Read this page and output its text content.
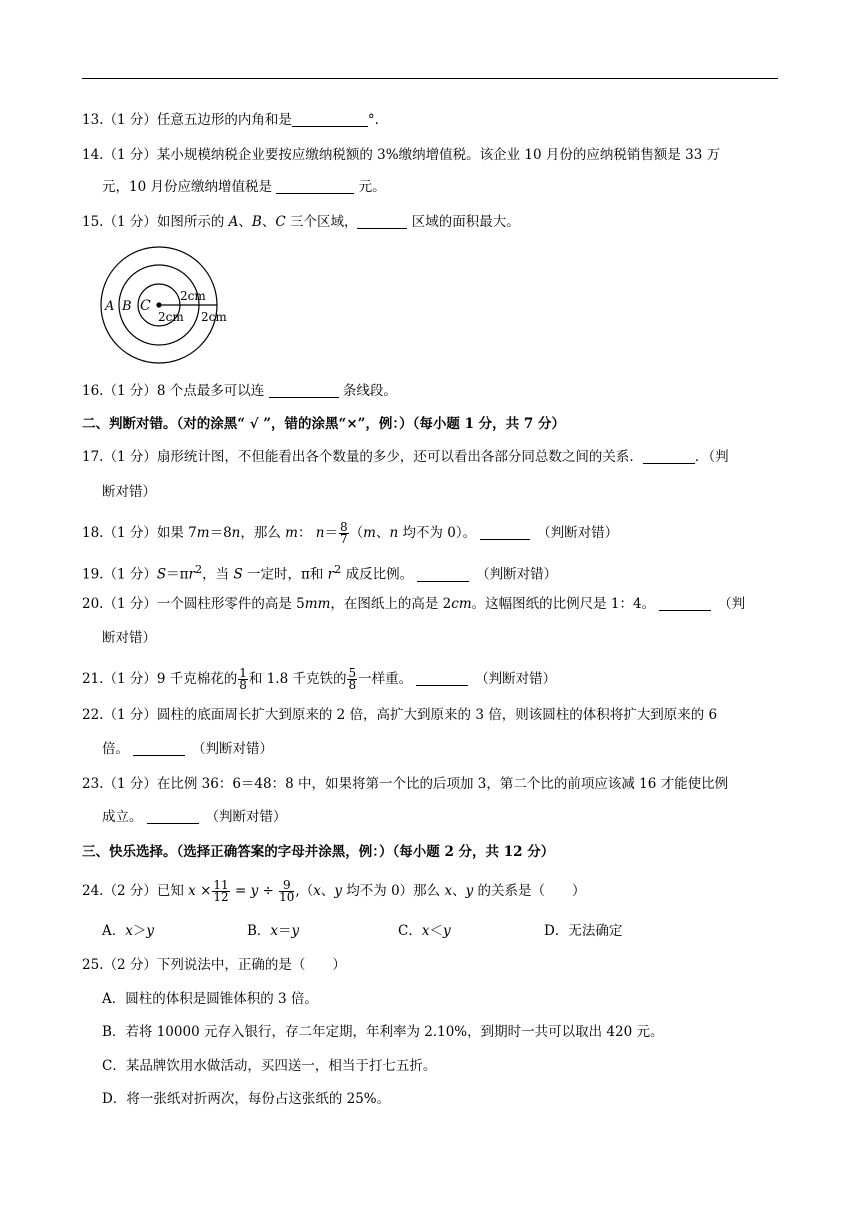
13.（1 分）任意五边形的内角和是	°.
14.（1 分）某小规模纳税企业要按应缴纳税额的 3%缴纳增值税。该企业 10 月份的应纳税销售额是 33 万
元，10 月份应缴纳增值税是	元。
15.（1 分）如图所示的 A、B、C 三个区域，	区域的面积最大。
A B C
2cm
2cm 2cm
16.（1 分）8 个点最多可以连	条线段。
二、判断对错。（对的涂黑“ √ ”，错的涂黑“×”，例：）（每小题 1 分，共 7 分）
17.（1 分）扇形统计图，不但能看出各个数量的多少，还可以看出各部分同总数之间的关系．	．（判
断对错）
18.（1 分）如果 7m＝8n，那么 m： $n= \frac{8}{7} (m$、n 均不为 0）。 　	（判断对错）
19.（1 分）$S=\pi r^2$，当 S 一定时，π和 $r^2$ 成反比例。 　	（判断对错）
20.（1 分）一个圆柱形零件的高是 5mm，在图纸上的高是 2cm。这幅图纸的比例尺是 1：4。 　	（判
断对错）
21.（1 分）9 千克棉花的 $\frac{1}{8}$ 和 1.8 千克铁的 $\frac{5}{8}$ 一样重。 　	（判断对错）
22.（1 分）圆柱的底面周长扩大到原来的 2 倍，高扩大到原来的 3 倍，则该圆柱的体积将扩大到原来的 6
倍。 　	（判断对错）
23.（1 分）在比例 36：6＝48：8 中，如果将第一个比的后项加 3，第二个比的前项应该减 16 才能使比例
成立。 　	（判断对错）
三、快乐选择。（选择正确答案的字母并涂黑，例：）（每小题 2 分，共 12 分）
24.（2 分）已知 $x \times \frac{11}{12} = y \div \frac{9}{10} ,(x$、y 均不为 0）那么 x、y 的关系是（　　）
A．x＞y	B．x＝y	C．x＜y	D．无法确定
25.（2 分）下列说法中，正确的是（　　）
A．圆柱的体积是圆锥体积的 3 倍。
B．若将 10000 元存入银行，存二年定期，年利率为 2.10%，到期时一共可以取出 420 元。
C．某品牌饮用水做活动，买四送一，相当于打七五折。
D．将一张纸对折两次，每份占这张纸的 25%。
